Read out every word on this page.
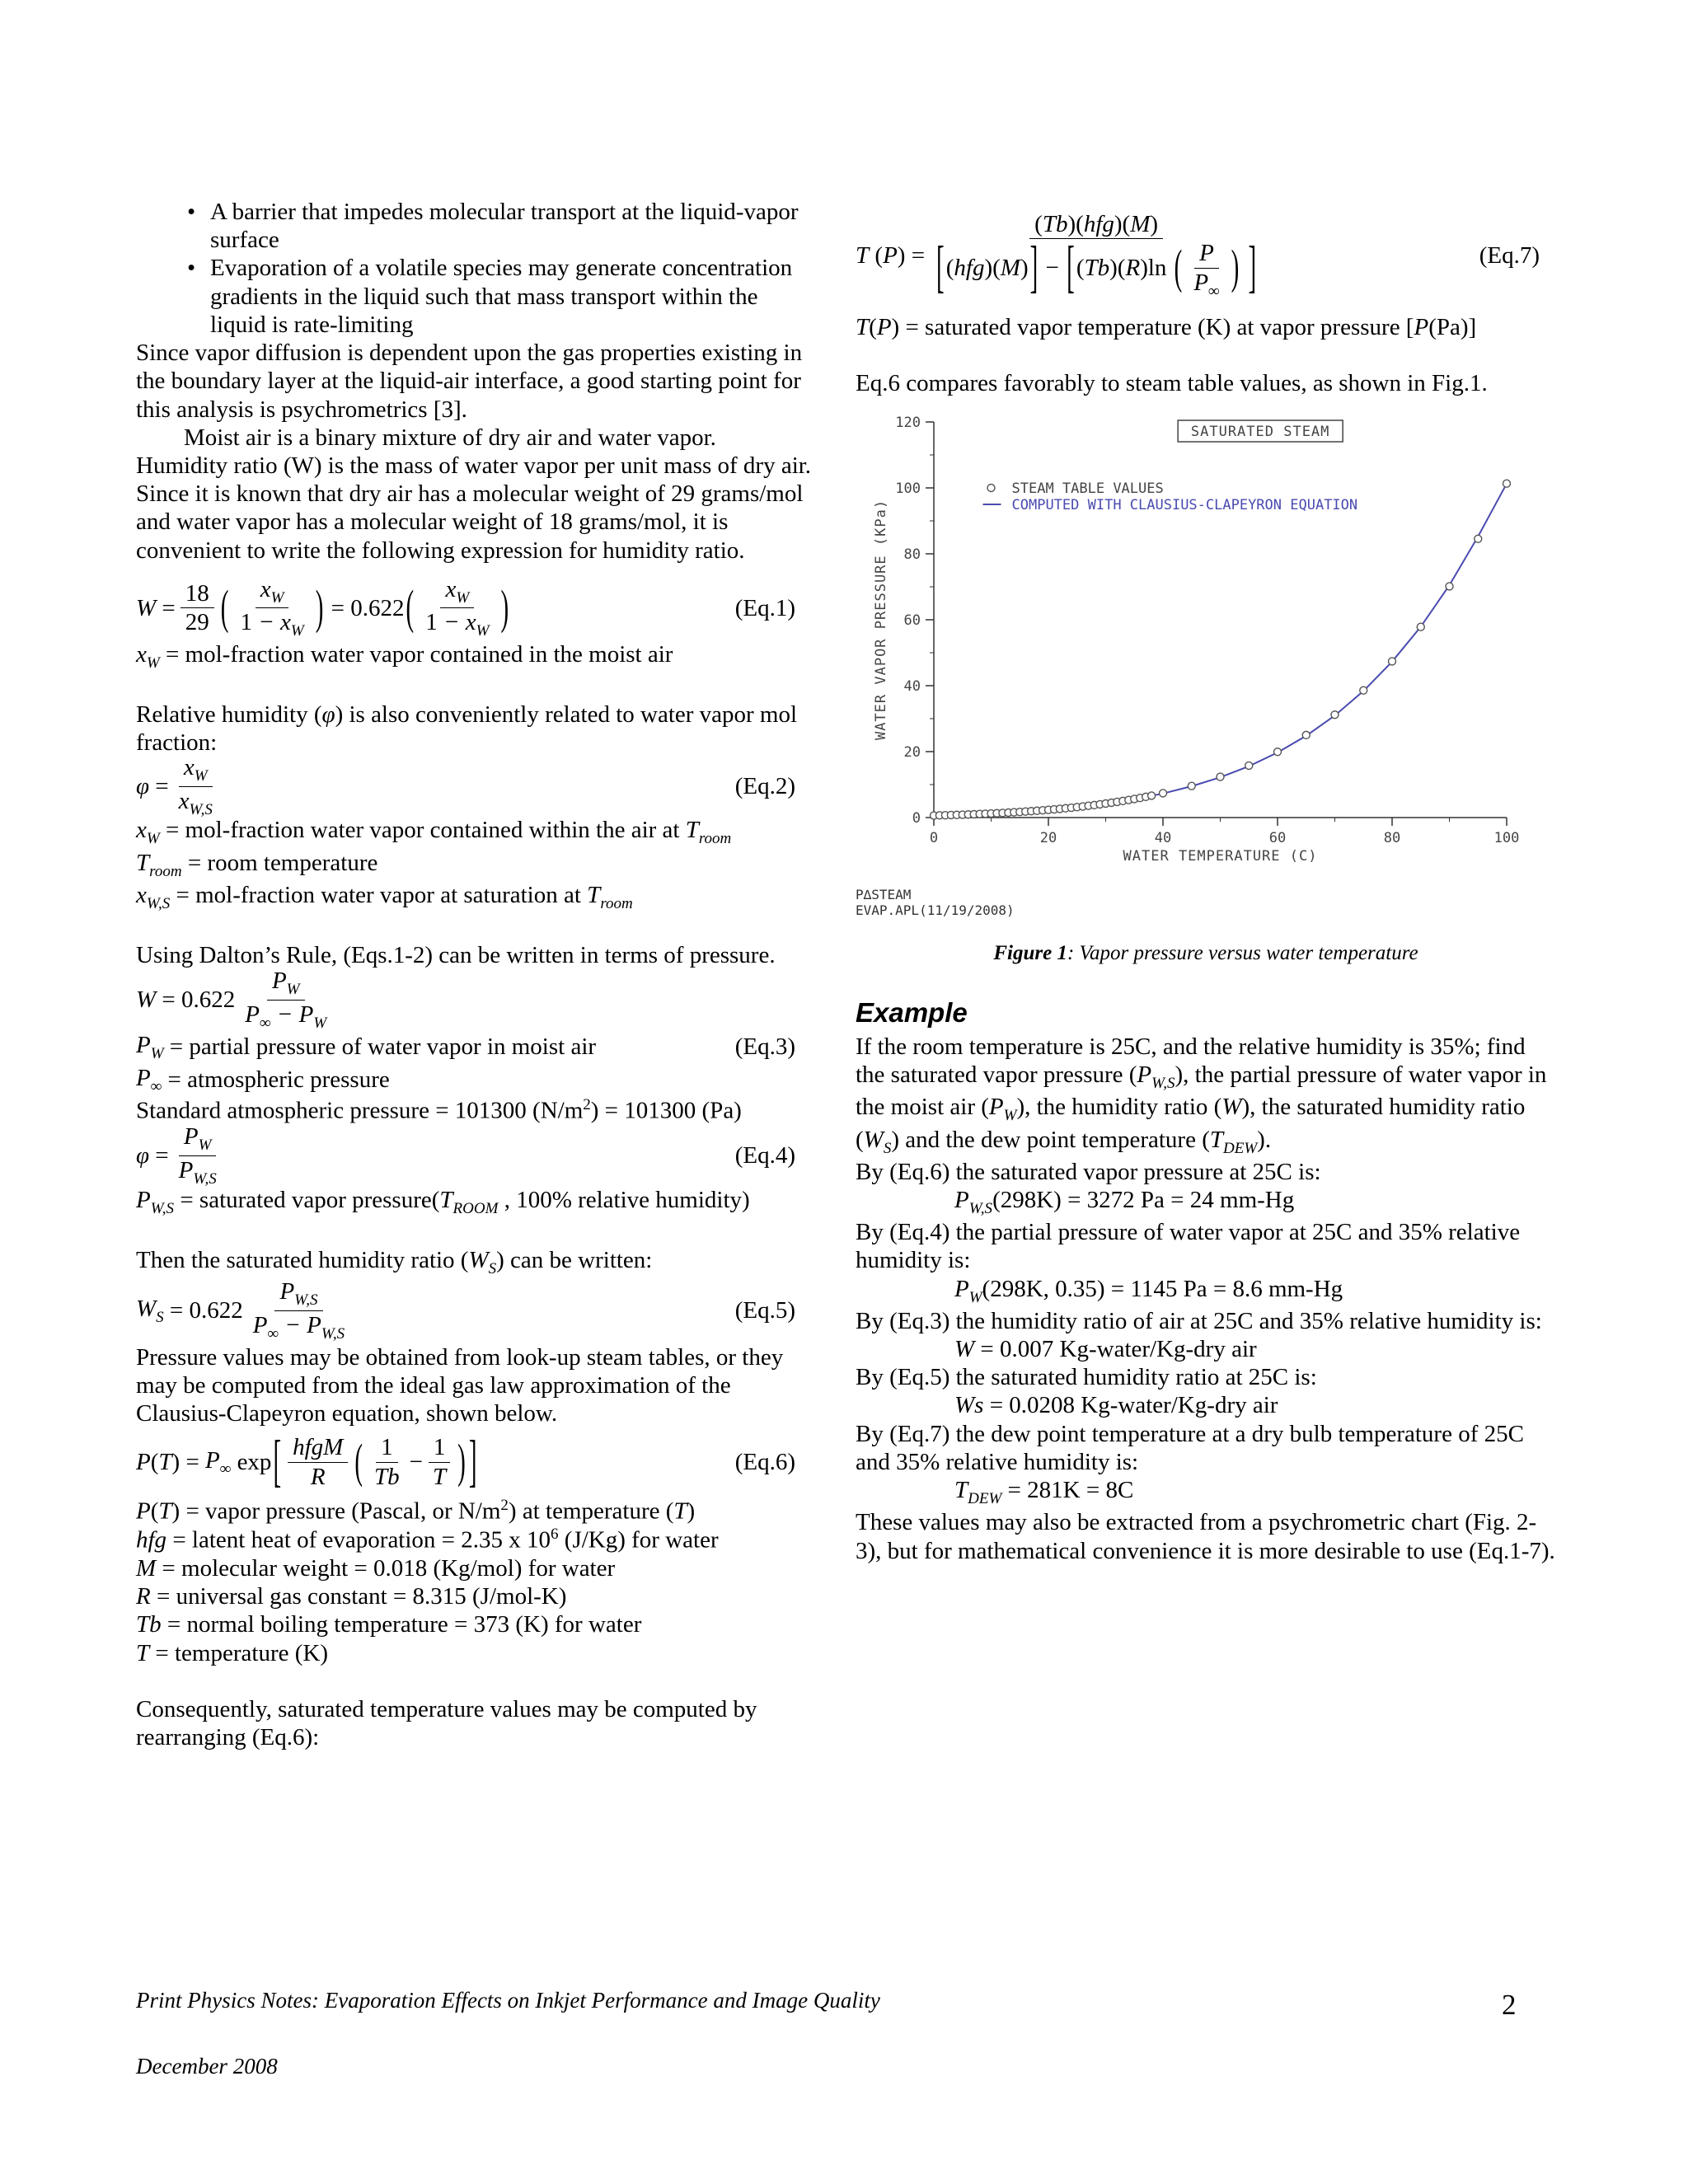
• A barrier that impedes molecular transport at the liquid-vapor surface
• Evaporation of a volatile species may generate concentration gradients in the liquid such that mass transport within the liquid is rate-limiting

Since vapor diffusion is dependent upon the gas properties existing in the boundary layer at the liquid-air interface, a good starting point for this analysis is psychrometrics [3].

Moist air is a binary mixture of dry air and water vapor. Humidity ratio (W) is the mass of water vapor per unit mass of dry air. Since it is known that dry air has a molecular weight of 29 grams/mol and water vapor has a molecular weight of 18 grams/mol, it is convenient to write the following expression for humidity ratio.

W
= $\frac{18}{29}$ ( $\frac{x_W}{1 - x_W}$ ) = 0.622 ( $\frac{x_W}{1 - x_W}$ )	(Eq.1)

$x_W$ = mol-fraction water vapor contained in the moist air

Relative humidity (φ) is also conveniently related to water vapor mol fraction:

φ
= $\frac{x_W}{x_{W,S}}$	(Eq.2)

$x_W$ = mol-fraction water vapor contained within the air at $T_{room}$

$T_{room}$ = room temperature

$x_{W,S}$ = mol-fraction water vapor at saturation at $T_{room}$

Using Dalton’s Rule, (Eqs.1-2) can be written in terms of pressure.

W
= $0.622 \frac{P_W}{P_\infty - P_W}$
$P_W$
= partial pressure of water vapor in moist air	(Eq.3)
$P_\infty$
= atmospheric pressure

Standard atmospheric pressure = 101300 $(N/m^2) = 101300$ (Pa)

φ
= $\frac{P_W}{P_{W,S}}$	(Eq.4)

$P_{W,S}$ = saturated vapor $pressure(T_{ROOM}$ , 100% relative humidity)

Then the saturated humidity ratio $(W_S)$ can be written:

$W_S$
= $0.622 \frac{P_{W,S}}{P_\infty - P_{W,S}}$	(Eq.5)

Pressure values may be obtained from look-up steam tables, or they may be computed from the ideal gas law approximation of the Clausius-Clapeyron equation, shown below.

P ( T ) =
$P_\infty$
exp [ $\frac{\text{hfgM}}{R}$ ( $\frac{1}{Tb} - \frac{1}{T}$ ) ]	(Eq.6)

P(T) = vapor pressure (Pascal, or $N/m^2$) at temperature (T)

hfg = latent heat of evaporation = 2.35 x $10^6$ (J/Kg) for water

M = molecular weight = 0.018 (Kg/mol) for water

R = universal gas constant = 8.315 (J/mol-K)

Tb = normal boiling temperature = 373 (K) for water

T = temperature (K)

Consequently, saturated temperature values may be computed by rearranging (Eq.6):

T
( P ) =
(Tb)(hfg)(M)
[(hfg)(M)] − [(Tb)(R)ln ( $\frac{P}{P_\infty}$ ) ]	(Eq.7)

T(P) = saturated vapor temperature (K) at vapor pressure [P(Pa)]

Eq.6 compares favorably to steam table values, as shown in Fig.1.

0
20
40
60
80
100
120
0	20	40	60	80	100
WATER TEMPERATURE (C)
WATER VAPOR PRESSURE (KPa)
SATURATED STEAM
STEAM TABLE VALUES
COMPUTED WITH CLAUSIUS-CLAPEYRON EQUATION
P∆STEAM
EVAP.APL(11/19/2008)
Figure 1: Vapor pressure versus water temperature
Example

If the room temperature is 25C, and the relative humidity is 35%; find the saturated vapor pressure $(P_{W,S})$, the partial pressure of water vapor in the moist air $(P_W)$, the humidity ratio (W), the saturated humidity ratio $(W_S)$ and the dew point temperature $(T_{DEW})$.

By (Eq.6) the saturated vapor pressure at 25C is:

$P_{W,S}(298K) = 3272$ Pa = 24 mm-Hg

By (Eq.4) the partial pressure of water vapor at 25C and 35% relative humidity is:

$P_W(298K$, 0.35) = 1145 Pa = 8.6 mm-Hg

By (Eq.3) the humidity ratio of air at 25C and 35% relative humidity is:

W = 0.007 Kg-water/Kg-dry air

By (Eq.5) the saturated humidity ratio at 25C is:

Ws = 0.0208 Kg-water/Kg-dry air

By (Eq.7) the dew point temperature at a dry bulb temperature of 25C and 35% relative humidity is:

$T_{DEW} = 281K = 8C$

These values may also be extracted from a psychrometric chart (Fig. 2-3), but for mathematical convenience it is more desirable to use (Eq.1-7).

Print Physics Notes: Evaporation Effects on Inkjet Performance and Image Quality
December 2008
2
